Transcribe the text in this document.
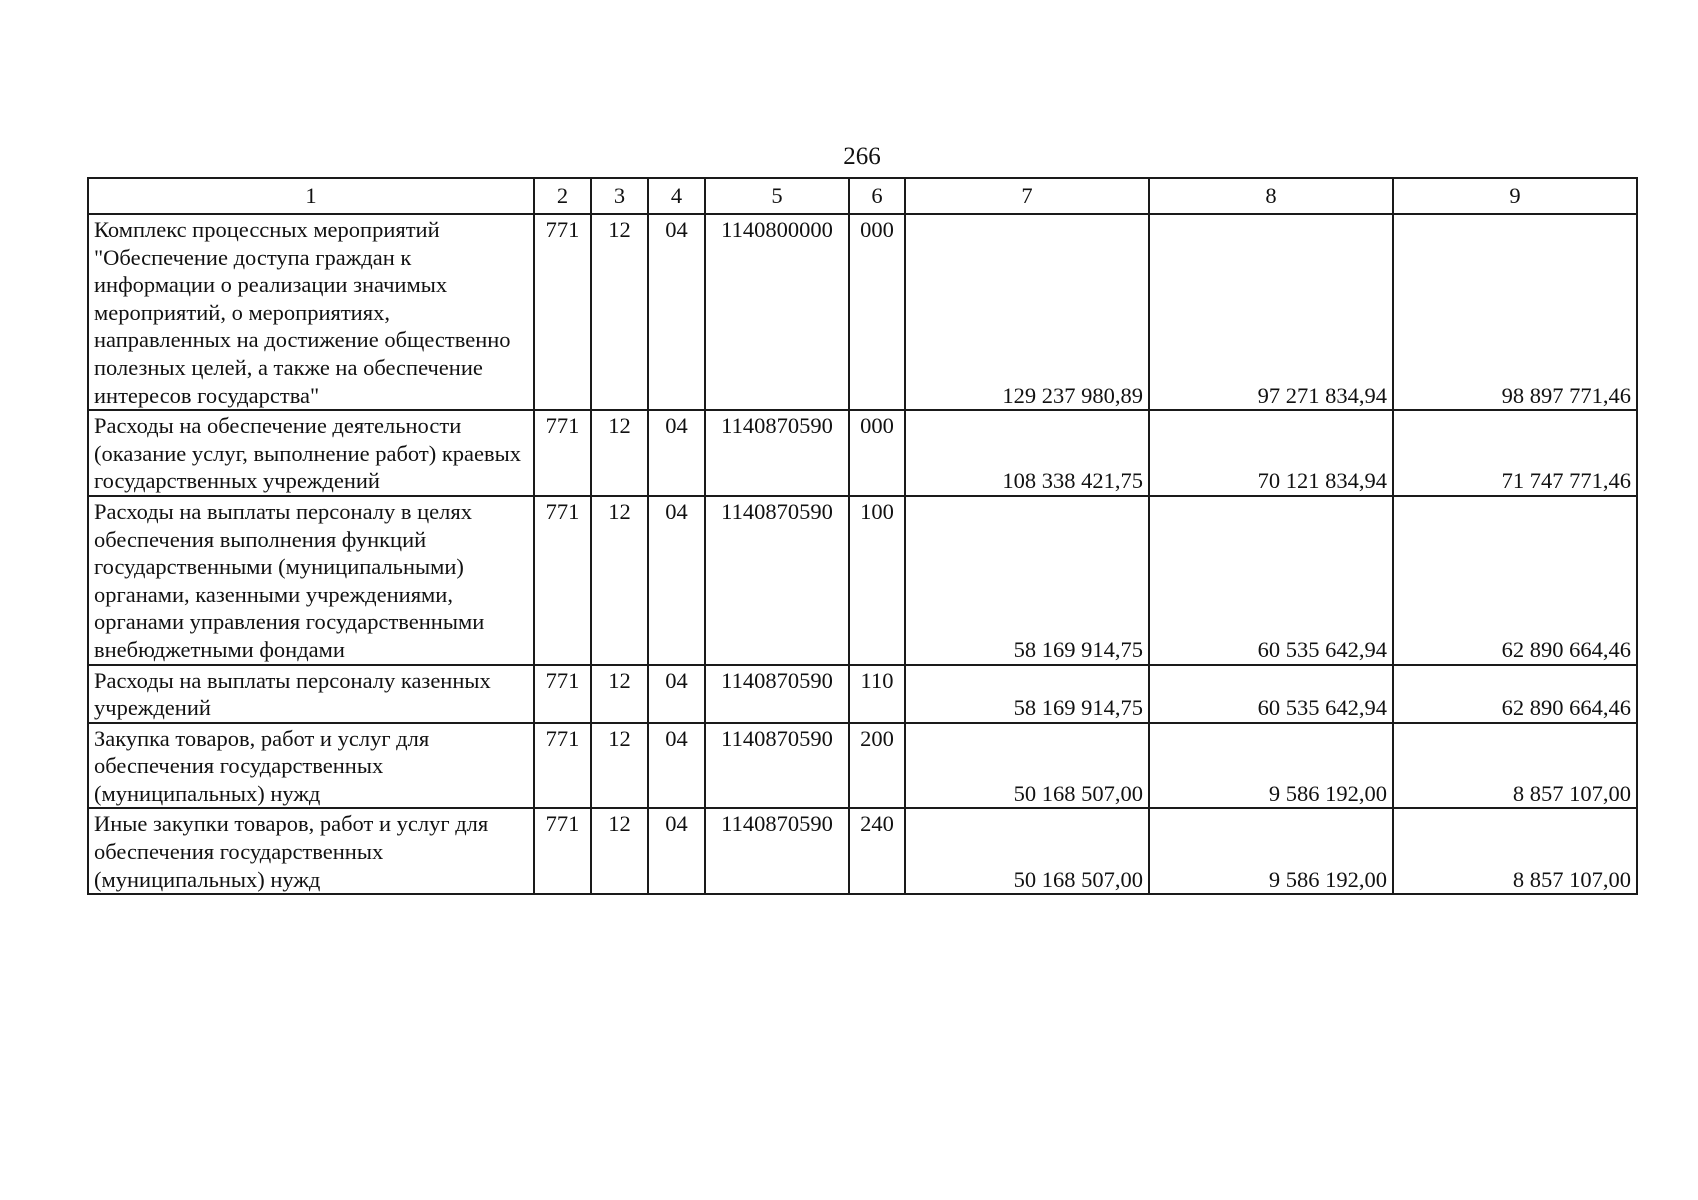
266
1	2	3	4	5	6	7	8	9
Комплекс процессных мероприятий "Обеспечение доступа граждан к информации о реализации значимых мероприятий, о мероприятиях, направленных на достижение общественно полезных целей, а также на обеспечение интересов государства"	771	12	04	1140800000	000	129 237 980,89	97 271 834,94	98 897 771,46
Расходы на обеспечение деятельности (оказание услуг, выполнение работ) краевых государственных учреждений	771	12	04	1140870590	000	108 338 421,75	70 121 834,94	71 747 771,46
Расходы на выплаты персоналу в целях обеспечения выполнения функций государственными (муниципальными) органами, казенными учреждениями, органами управления государственными внебюджетными фондами	771	12	04	1140870590	100	58 169 914,75	60 535 642,94	62 890 664,46
Расходы на выплаты персоналу казенных учреждений	771	12	04	1140870590	110	58 169 914,75	60 535 642,94	62 890 664,46
Закупка товаров, работ и услуг для обеспечения государственных (муниципальных) нужд	771	12	04	1140870590	200	50 168 507,00	9 586 192,00	8 857 107,00
Иные закупки товаров, работ и услуг для обеспечения государственных (муниципальных) нужд	771	12	04	1140870590	240	50 168 507,00	9 586 192,00	8 857 107,00
